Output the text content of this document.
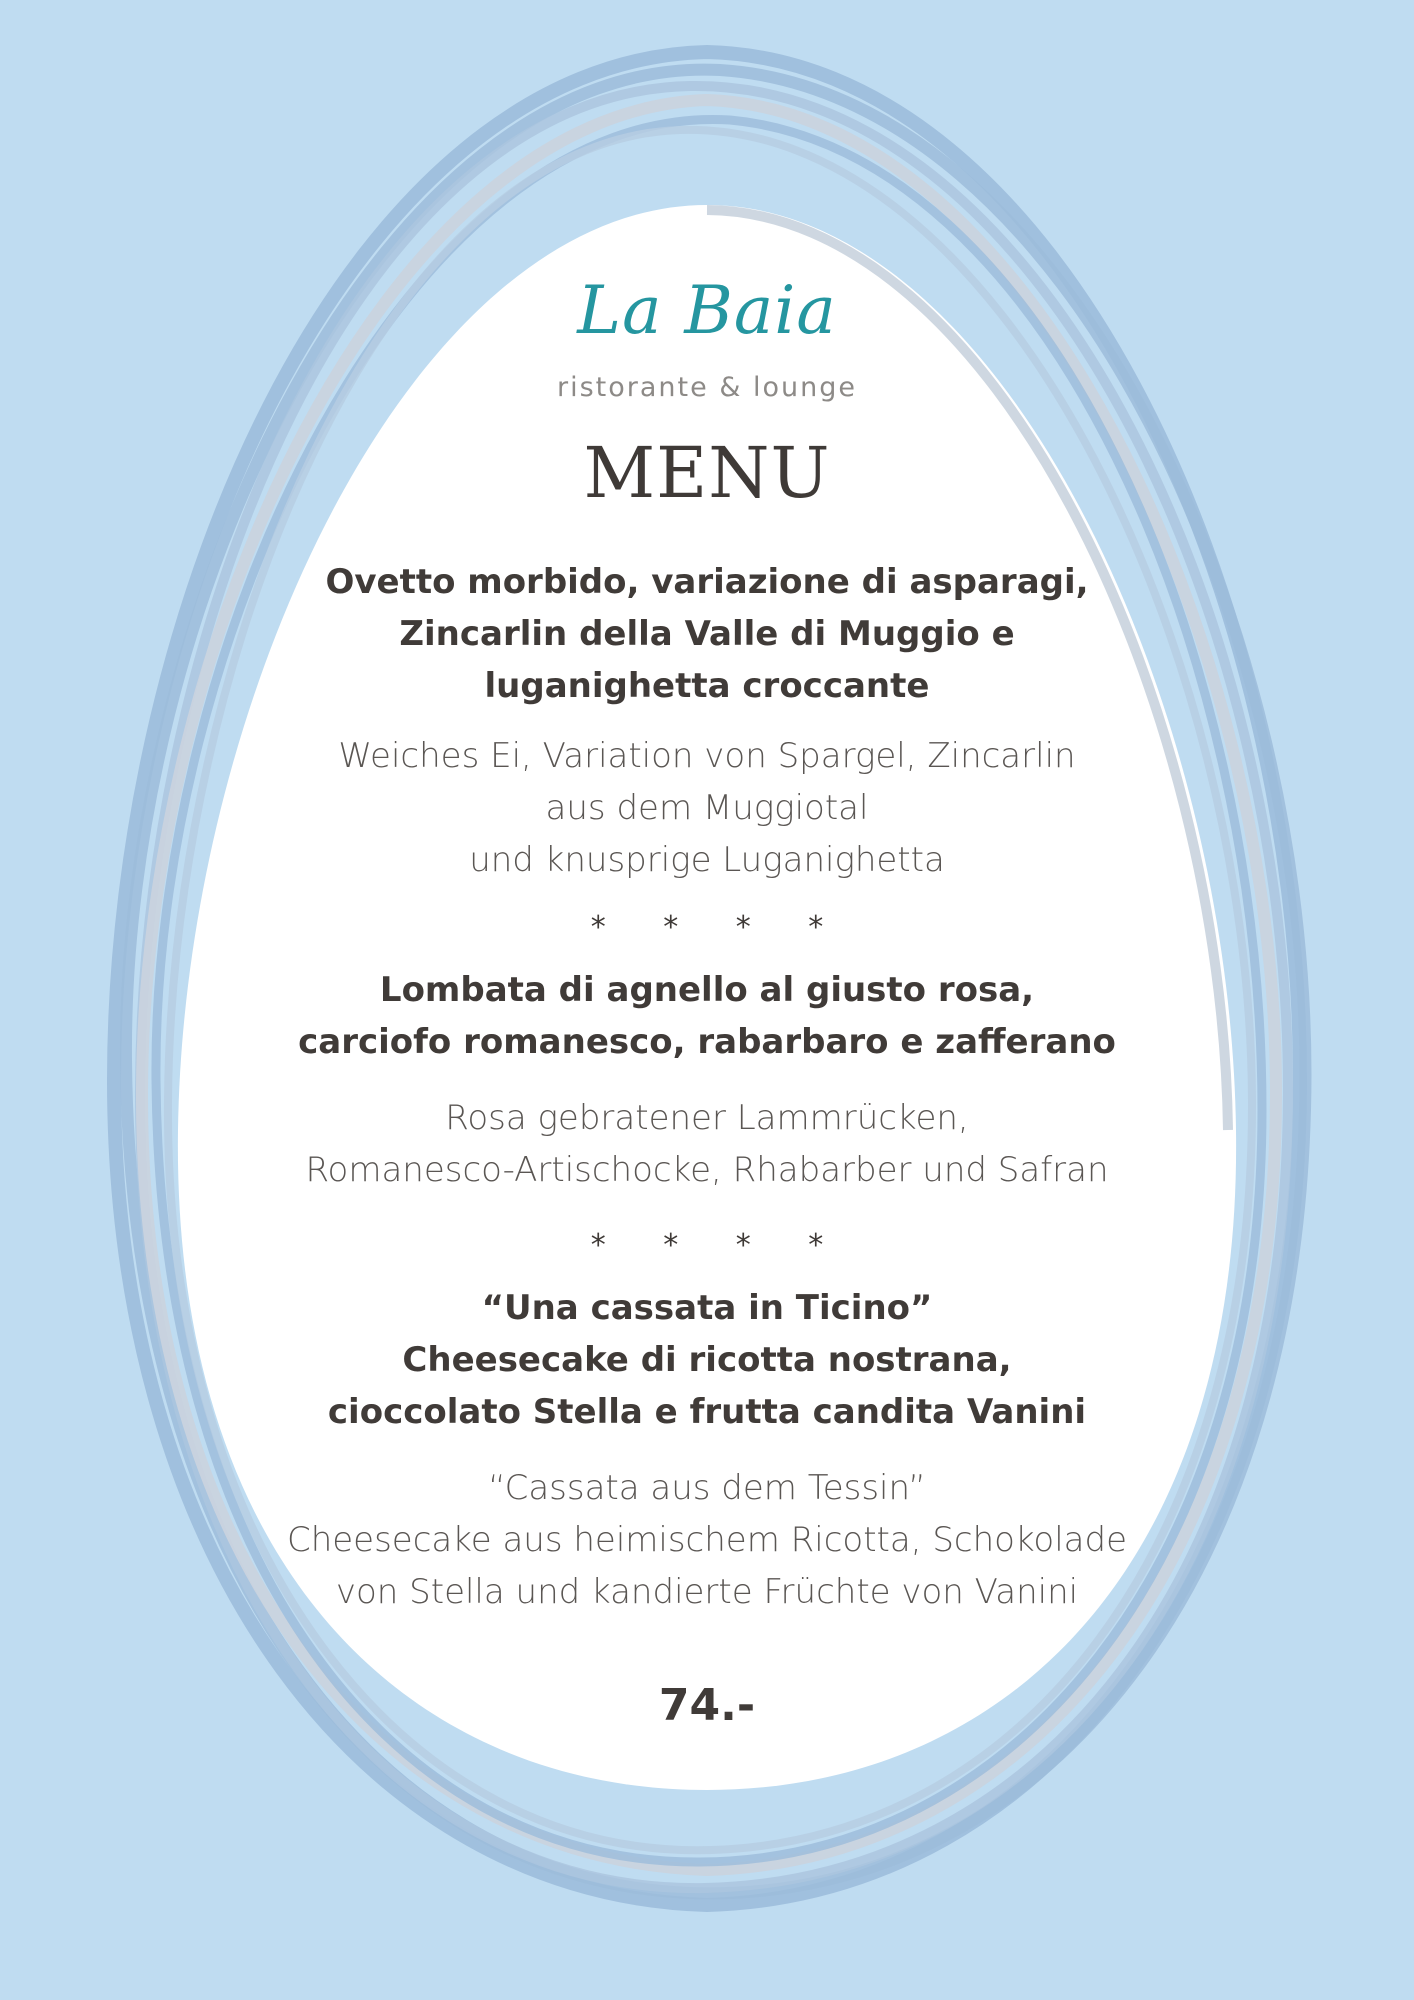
La Baia
ristorante & lounge
MENU
Ovetto morbido, variazione di asparagi,
Zincarlin della Valle di Muggio e
luganighetta croccante
Weiches Ei, Variation von Spargel, Zincarlin
aus dem Muggiotal
und knusprige Luganighetta
* * * *
Lombata di agnello al giusto rosa,
carciofo romanesco, rabarbaro e zafferano
Rosa gebratener Lammrücken,
Romanesco-Artischocke, Rhabarber und Safran
* * * *
“Una cassata in Ticino”
Cheesecake di ricotta nostrana,
cioccolato Stella e frutta candita Vanini
“Cassata aus dem Tessin”
Cheesecake aus heimischem Ricotta, Schokolade
von Stella und kandierte Früchte von Vanini
74.-
